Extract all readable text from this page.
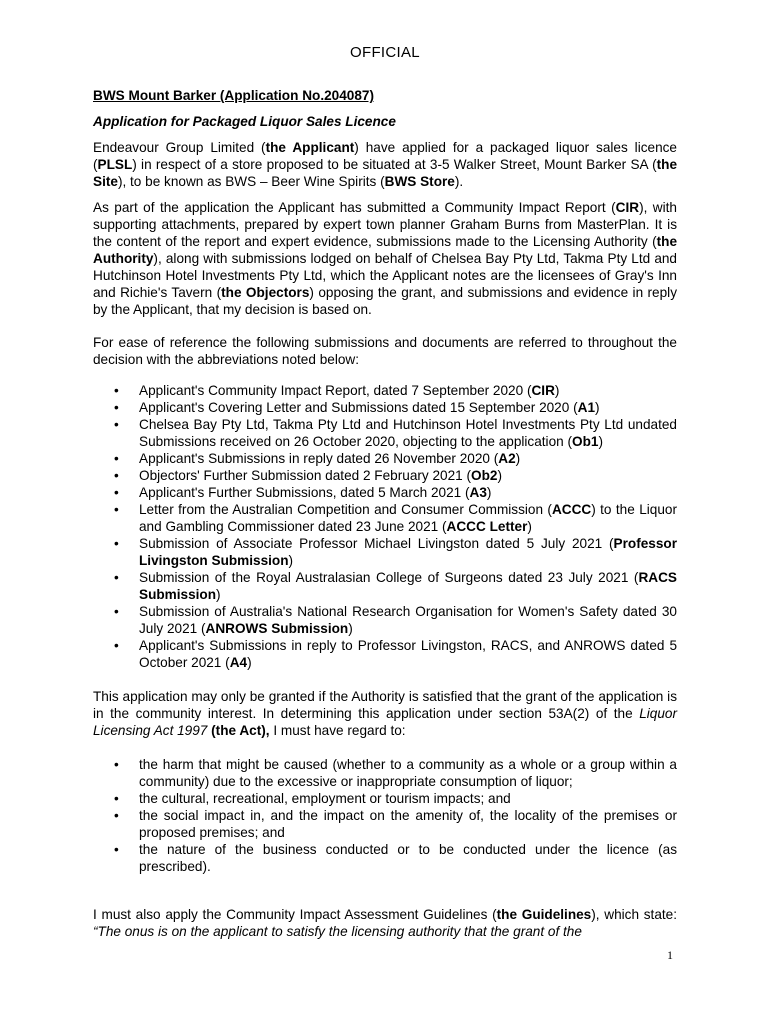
OFFICIAL
BWS Mount Barker (Application No.204087)
Application for Packaged Liquor Sales Licence

Endeavour Group Limited (the Applicant) have applied for a packaged liquor sales licence (PLSL) in respect of a store proposed to be situated at 3-5 Walker Street, Mount Barker SA (the Site), to be known as BWS – Beer Wine Spirits (BWS Store).

As part of the application the Applicant has submitted a Community Impact Report (CIR), with supporting attachments, prepared by expert town planner Graham Burns from MasterPlan. It is the content of the report and expert evidence, submissions made to the Licensing Authority (the Authority), along with submissions lodged on behalf of Chelsea Bay Pty Ltd, Takma Pty Ltd and Hutchinson Hotel Investments Pty Ltd, which the Applicant notes are the licensees of Gray's Inn and Richie's Tavern (the Objectors) opposing the grant, and submissions and evidence in reply by the Applicant, that my decision is based on.

For ease of reference the following submissions and documents are referred to throughout the decision with the abbreviations noted below:

• Applicant's Community Impact Report, dated 7 September 2020 (CIR)
• Applicant's Covering Letter and Submissions dated 15 September 2020 (A1)
• Chelsea Bay Pty Ltd, Takma Pty Ltd and Hutchinson Hotel Investments Pty Ltd undated Submissions received on 26 October 2020, objecting to the application (Ob1)
• Applicant's Submissions in reply dated 26 November 2020 (A2)
• Objectors' Further Submission dated 2 February 2021 (Ob2)
• Applicant's Further Submissions, dated 5 March 2021 (A3)
• Letter from the Australian Competition and Consumer Commission (ACCC) to the Liquor and Gambling Commissioner dated 23 June 2021 (ACCC Letter)
• Submission of Associate Professor Michael Livingston dated 5 July 2021 (Professor Livingston Submission)
• Submission of the Royal Australasian College of Surgeons dated 23 July 2021 (RACS Submission)
• Submission of Australia's National Research Organisation for Women's Safety dated 30 July 2021 (ANROWS Submission)
• Applicant's Submissions in reply to Professor Livingston, RACS, and ANROWS dated 5 October 2021 (A4)

This application may only be granted if the Authority is satisfied that the grant of the application is in the community interest. In determining this application under section 53A(2) of the Liquor Licensing Act 1997 (the Act), I must have regard to:

• the harm that might be caused (whether to a community as a whole or a group within a community) due to the excessive or inappropriate consumption of liquor;
• the cultural, recreational, employment or tourism impacts; and
• the social impact in, and the impact on the amenity of, the locality of the premises or proposed premises; and
• the nature of the business conducted or to be conducted under the licence (as prescribed).

I must also apply the Community Impact Assessment Guidelines (the Guidelines), which state: “The onus is on the applicant to satisfy the licensing authority that the grant of the

1
